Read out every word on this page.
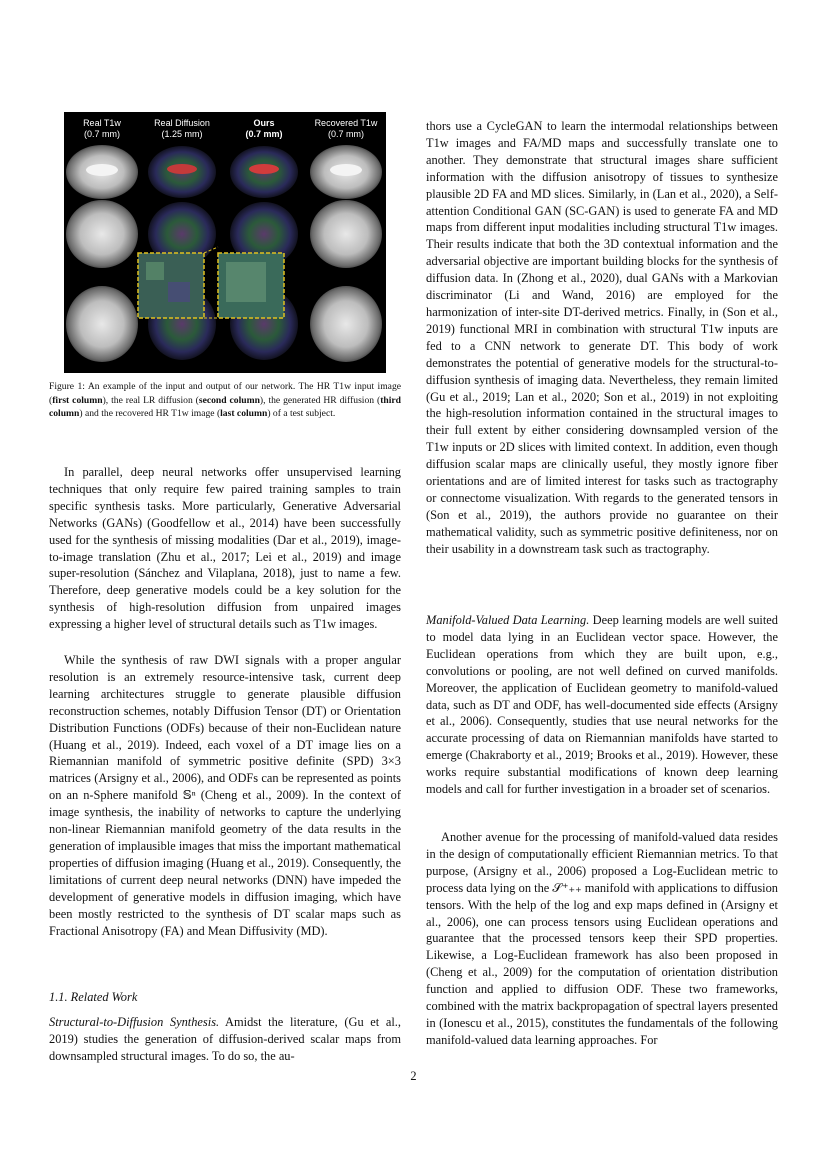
Real T1w
(0.7 mm)
Real Diffusion
(1.25 mm)
Ours
(0.7 mm)
Recovered T1w
(0.7 mm)

Figure 1: An example of the input and output of our network. The HR T1w input image (first column), the real LR diffusion (second column), the generated HR diffusion (third column) and the recovered HR T1w image (last column) of a test subject.

In parallel, deep neural networks offer unsupervised learning techniques that only require few paired training samples to train specific synthesis tasks. More particularly, Generative Adversarial Networks (GANs) (Goodfellow et al., 2014) have been successfully used for the synthesis of missing modalities (Dar et al., 2019), image-to-image translation (Zhu et al., 2017; Lei et al., 2019) and image super-resolution (Sánchez and Vilaplana, 2018), just to name a few. Therefore, deep generative models could be a key solution for the synthesis of high-resolution diffusion from unpaired images expressing a higher level of structural details such as T1w images.

While the synthesis of raw DWI signals with a proper angular resolution is an extremely resource-intensive task, current deep learning architectures struggle to generate plausible diffusion reconstruction schemes, notably Diffusion Tensor (DT) or Orientation Distribution Functions (ODFs) because of their non-Euclidean nature (Huang et al., 2019). Indeed, each voxel of a DT image lies on a Riemannian manifold of symmetric positive definite (SPD) 3×3 matrices (Arsigny et al., 2006), and ODFs can be represented as points on an n-Sphere manifold 𝕊ⁿ (Cheng et al., 2009). In the context of image synthesis, the inability of networks to capture the underlying non-linear Riemannian manifold geometry of the data results in the generation of implausible images that miss the important mathematical properties of diffusion imaging (Huang et al., 2019). Consequently, the limitations of current deep neural networks (DNN) have impeded the development of generative models in diffusion imaging, which have been mostly restricted to the synthesis of DT scalar maps such as Fractional Anisotropy (FA) and Mean Diffusivity (MD).

1.1. Related Work

Structural-to-Diffusion Synthesis. Amidst the literature, (Gu et al., 2019) studies the generation of diffusion-derived scalar maps from downsampled structural images. To do so, the au-

thors use a CycleGAN to learn the intermodal relationships between T1w images and FA/MD maps and successfully translate one to another. They demonstrate that structural images share sufficient information with the diffusion anisotropy of tissues to synthesize plausible 2D FA and MD slices. Similarly, in (Lan et al., 2020), a Self-attention Conditional GAN (SC-GAN) is used to generate FA and MD maps from different input modalities including structural T1w images. Their results indicate that both the 3D contextual information and the adversarial objective are important building blocks for the synthesis of diffusion data. In (Zhong et al., 2020), dual GANs with a Markovian discriminator (Li and Wand, 2016) are employed for the harmonization of inter-site DT-derived metrics. Finally, in (Son et al., 2019) functional MRI in combination with structural T1w inputs are fed to a CNN network to generate DT. This body of work demonstrates the potential of generative models for the structural-to-diffusion synthesis of imaging data. Nevertheless, they remain limited (Gu et al., 2019; Lan et al., 2020; Son et al., 2019) in not exploiting the high-resolution information contained in the structural images to their full extent by either considering downsampled version of the T1w inputs or 2D slices with limited context. In addition, even though diffusion scalar maps are clinically useful, they mostly ignore fiber orientations and are of limited interest for tasks such as tractography or connectome visualization. With regards to the generated tensors in (Son et al., 2019), the authors provide no guarantee on their mathematical validity, such as symmetric positive definiteness, nor on their usability in a downstream task such as tractography.

Manifold-Valued Data Learning. Deep learning models are well suited to model data lying in an Euclidean vector space. However, the Euclidean operations from which they are built upon, e.g., convolutions or pooling, are not well defined on curved manifolds. Moreover, the application of Euclidean geometry to manifold-valued data, such as DT and ODF, has well-documented side effects (Arsigny et al., 2006). Consequently, studies that use neural networks for the accurate processing of data on Riemannian manifolds have started to emerge (Chakraborty et al., 2019; Brooks et al., 2019). However, these works require substantial modifications of known deep learning models and call for further investigation in a broader set of scenarios.

Another avenue for the processing of manifold-valued data resides in the design of computationally efficient Riemannian metrics. To that purpose, (Arsigny et al., 2006) proposed a Log-Euclidean metric to process data lying on the 𝒮⁺₊₊ manifold with applications to diffusion tensors. With the help of the log and exp maps defined in (Arsigny et al., 2006), one can process tensors using Euclidean operations and guarantee that the processed tensors keep their SPD properties. Likewise, a Log-Euclidean framework has also been proposed in (Cheng et al., 2009) for the computation of orientation distribution function and applied to diffusion ODF. These two frameworks, combined with the matrix backpropagation of spectral layers presented in (Ionescu et al., 2015), constitutes the fundamentals of the following manifold-valued data learning approaches. For

2
